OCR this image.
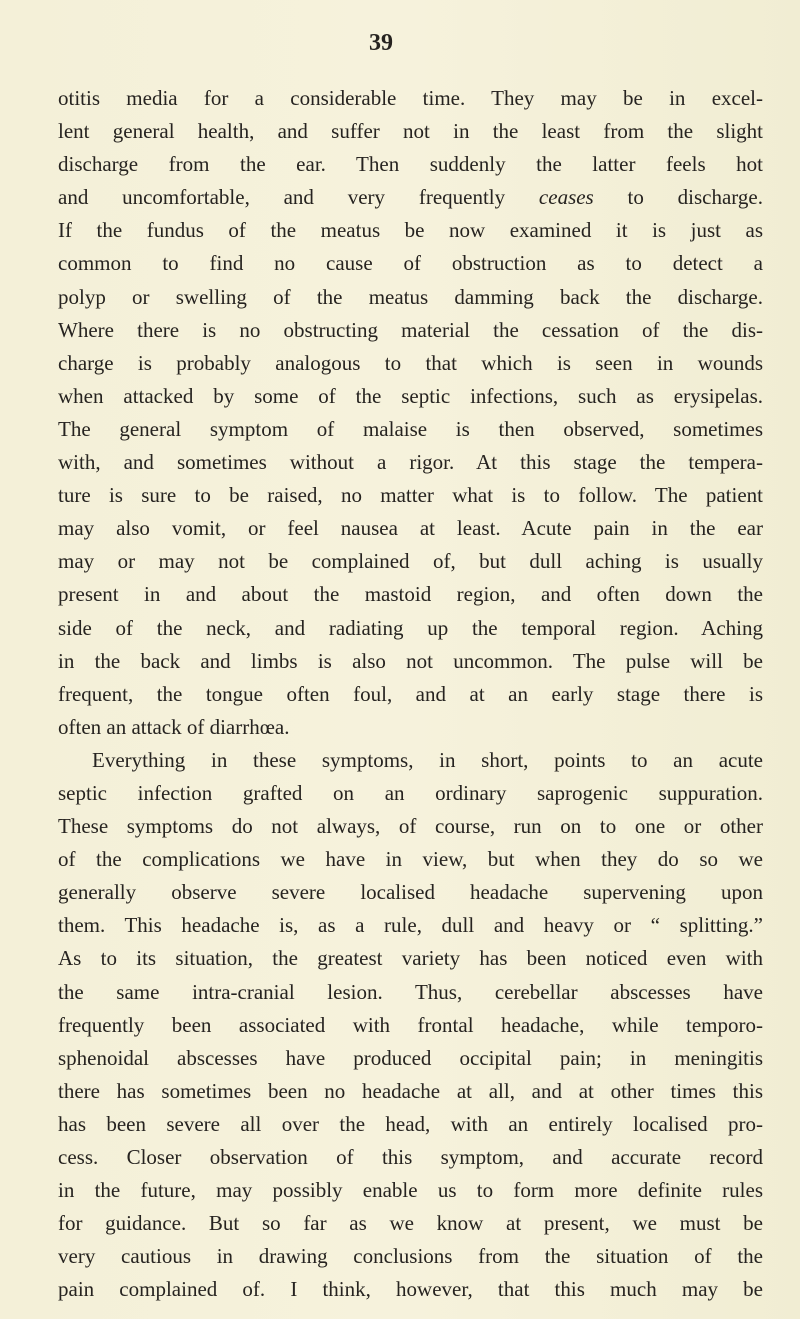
39
otitis media for a considerable time. They may be in excel-
lent general health, and suffer not in the least from the slight
discharge from the ear. Then suddenly the latter feels hot
and uncomfortable, and very frequently ceases to discharge.
If the fundus of the meatus be now examined it is just as
common to find no cause of obstruction as to detect a
polyp or swelling of the meatus damming back the discharge.
Where there is no obstructing material the cessation of the dis-
charge is probably analogous to that which is seen in wounds
when attacked by some of the septic infections, such as erysipelas.
The general symptom of malaise is then observed, sometimes
with, and sometimes without a rigor. At this stage the tempera-
ture is sure to be raised, no matter what is to follow. The patient
may also vomit, or feel nausea at least. Acute pain in the ear
may or may not be complained of, but dull aching is usually
present in and about the mastoid region, and often down the
side of the neck, and radiating up the temporal region. Aching
in the back and limbs is also not uncommon. The pulse will be
frequent, the tongue often foul, and at an early stage there is
often an attack of diarrhœa.
Everything in these symptoms, in short, points to an acute
septic infection grafted on an ordinary saprogenic suppuration.
These symptoms do not always, of course, run on to one or other
of the complications we have in view, but when they do so we
generally observe severe localised headache supervening upon
them. This headache is, as a rule, dull and heavy or “ splitting.”
As to its situation, the greatest variety has been noticed even with
the same intra-cranial lesion. Thus, cerebellar abscesses have
frequently been associated with frontal headache, while temporo-
sphenoidal abscesses have produced occipital pain; in meningitis
there has sometimes been no headache at all, and at other times this
has been severe all over the head, with an entirely localised pro-
cess. Closer observation of this symptom, and accurate record
in the future, may possibly enable us to form more definite rules
for guidance. But so far as we know at present, we must be
very cautious in drawing conclusions from the situation of the
pain complained of. I think, however, that this much may be
